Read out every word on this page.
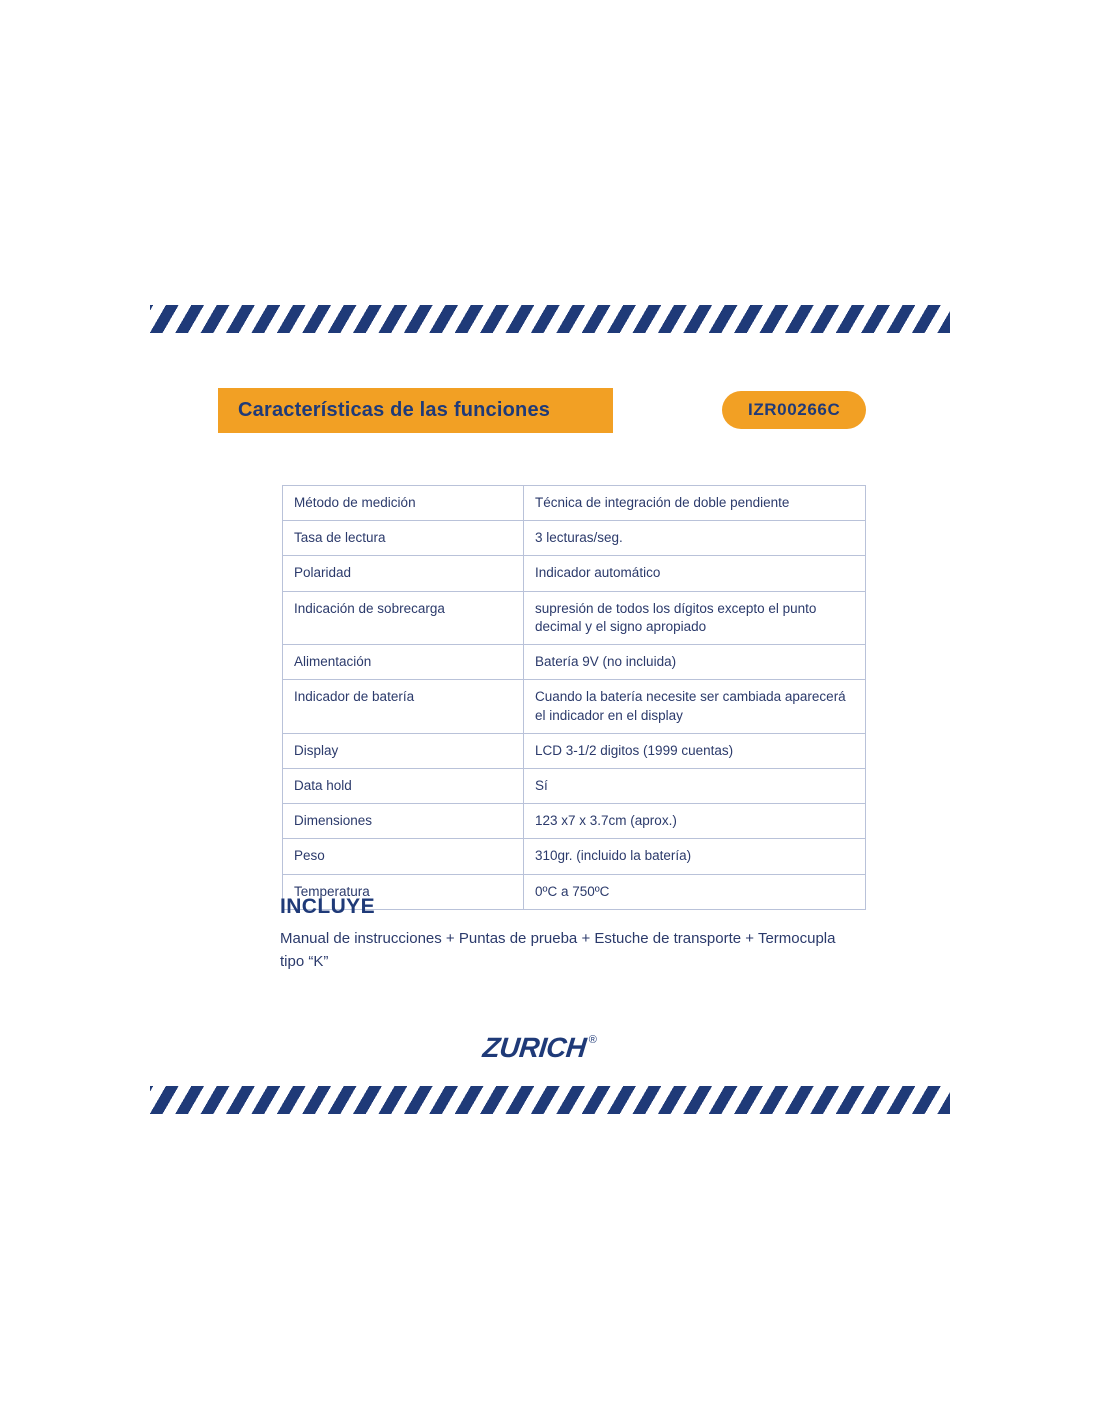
Características de las funciones	IZR00266C
Método de medición	Técnica de integración de doble pendiente
Tasa de lectura	3 lecturas/seg.
Polaridad	Indicador automático
Indicación de sobrecarga	supresión de todos los dígitos excepto el punto decimal y el signo apropiado
Alimentación	Batería 9V (no incluida)
Indicador de batería	Cuando la batería necesite ser cambiada aparecerá el indicador en el display
Display	LCD 3-1/2 digitos (1999 cuentas)
Data hold	Sí
Dimensiones	123 x7 x 3.7cm (aprox.)
Peso	310gr. (incluido la batería)
Temperatura	0ºC a 750ºC

INCLUYE

Manual de instrucciones + Puntas de prueba + Estuche de transporte + Termocupla tipo “K”

ZURICH ®
